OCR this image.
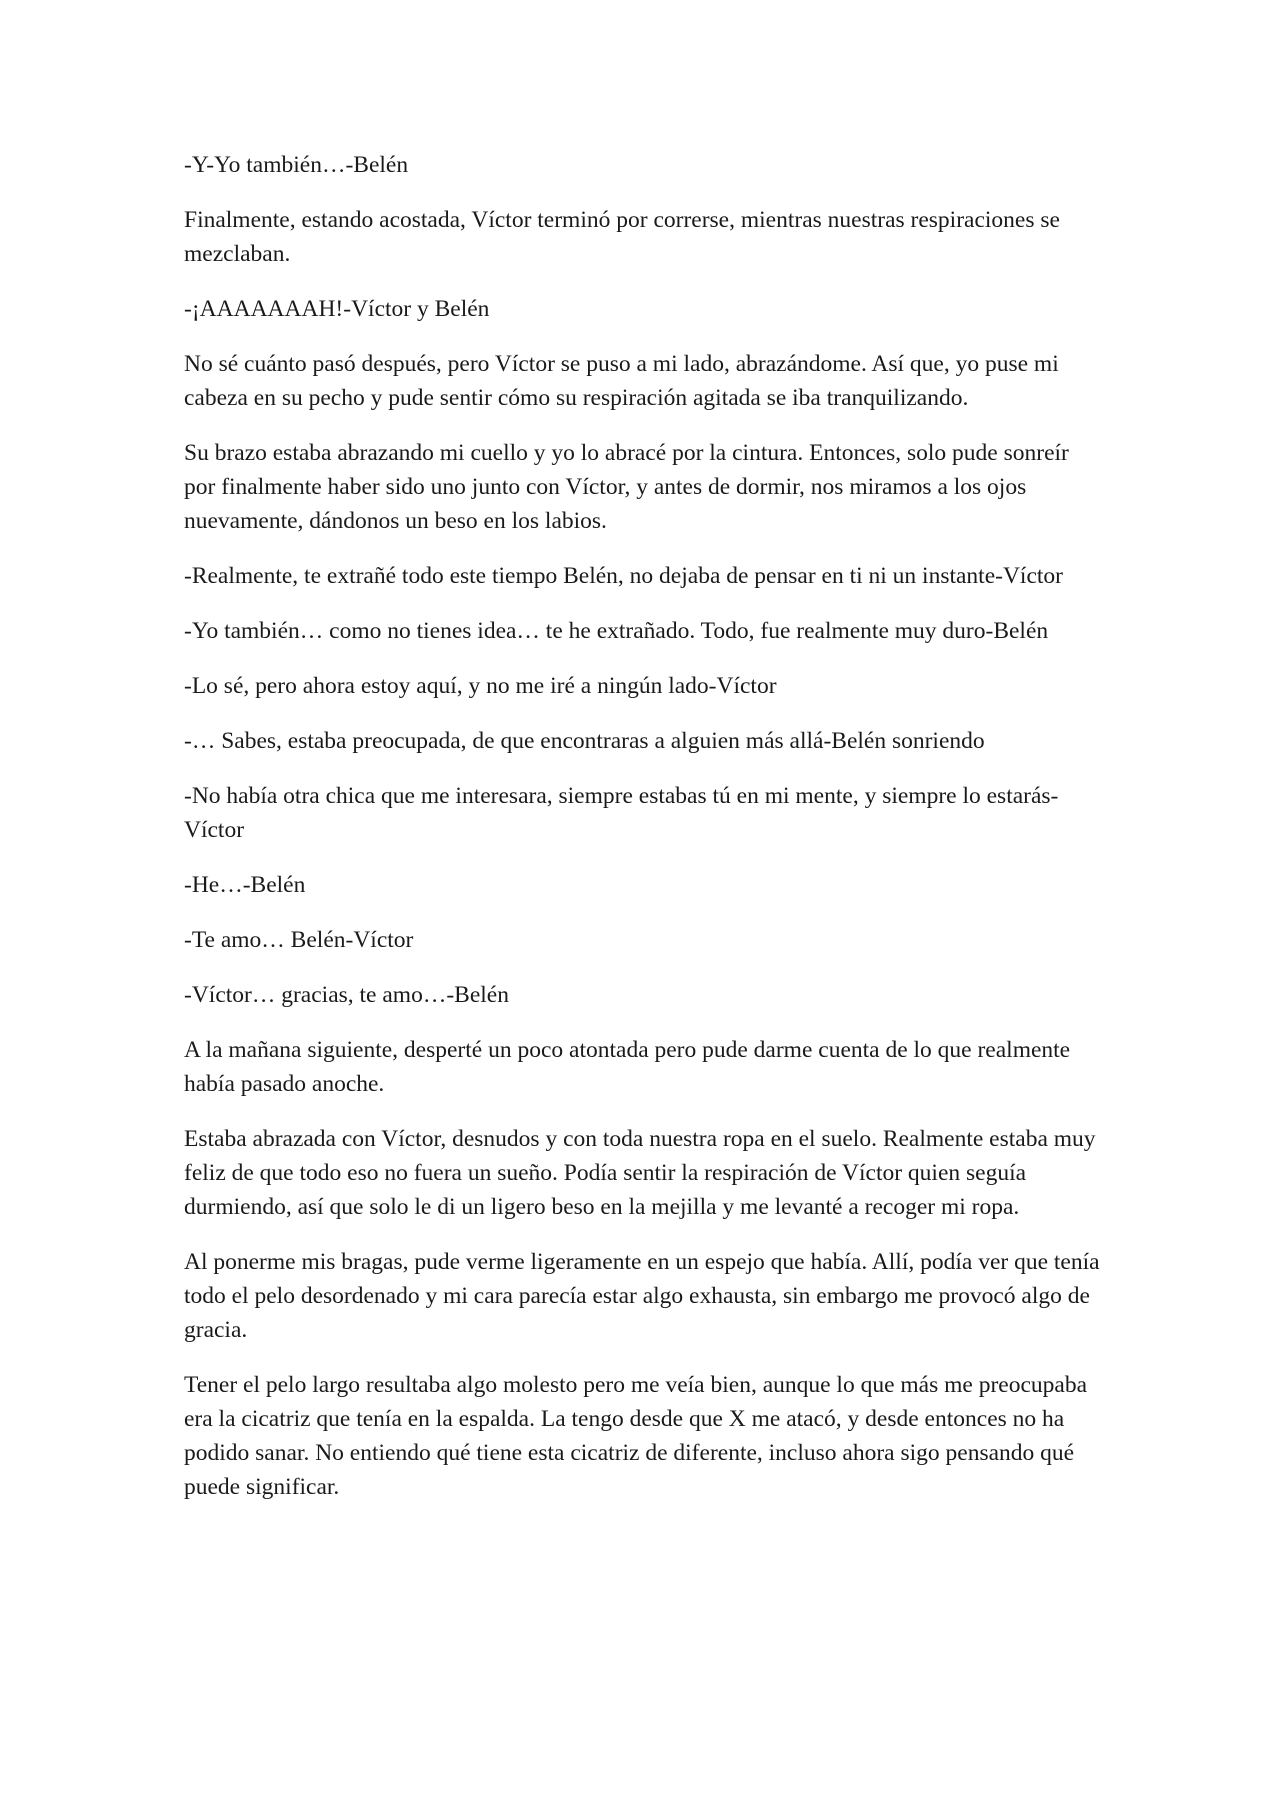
-Y-Yo también…-Belén

Finalmente, estando acostada, Víctor terminó por correrse, mientras nuestras respiraciones se mezclaban.

-¡AAAAAAAH!-Víctor y Belén

No sé cuánto pasó después, pero Víctor se puso a mi lado, abrazándome. Así que, yo puse mi cabeza en su pecho y pude sentir cómo su respiración agitada se iba tranquilizando.

Su brazo estaba abrazando mi cuello y yo lo abracé por la cintura. Entonces, solo pude sonreír por finalmente haber sido uno junto con Víctor, y antes de dormir, nos miramos a los ojos nuevamente, dándonos un beso en los labios.

-Realmente, te extrañé todo este tiempo Belén, no dejaba de pensar en ti ni un instante-Víctor

-Yo también… como no tienes idea… te he extrañado. Todo, fue realmente muy duro-Belén

-Lo sé, pero ahora estoy aquí, y no me iré a ningún lado-Víctor

-… Sabes, estaba preocupada, de que encontraras a alguien más allá-Belén sonriendo

-No había otra chica que me interesara, siempre estabas tú en mi mente, y siempre lo estarás-Víctor

-He…-Belén

-Te amo… Belén-Víctor

-Víctor… gracias, te amo…-Belén

A la mañana siguiente, desperté un poco atontada pero pude darme cuenta de lo que realmente había pasado anoche.

Estaba abrazada con Víctor, desnudos y con toda nuestra ropa en el suelo. Realmente estaba muy feliz de que todo eso no fuera un sueño. Podía sentir la respiración de Víctor quien seguía durmiendo, así que solo le di un ligero beso en la mejilla y me levanté a recoger mi ropa.

Al ponerme mis bragas, pude verme ligeramente en un espejo que había. Allí, podía ver que tenía todo el pelo desordenado y mi cara parecía estar algo exhausta, sin embargo me provocó algo de gracia.

Tener el pelo largo resultaba algo molesto pero me veía bien, aunque lo que más me preocupaba era la cicatriz que tenía en la espalda. La tengo desde que X me atacó, y desde entonces no ha podido sanar. No entiendo qué tiene esta cicatriz de diferente, incluso ahora sigo pensando qué puede significar.
